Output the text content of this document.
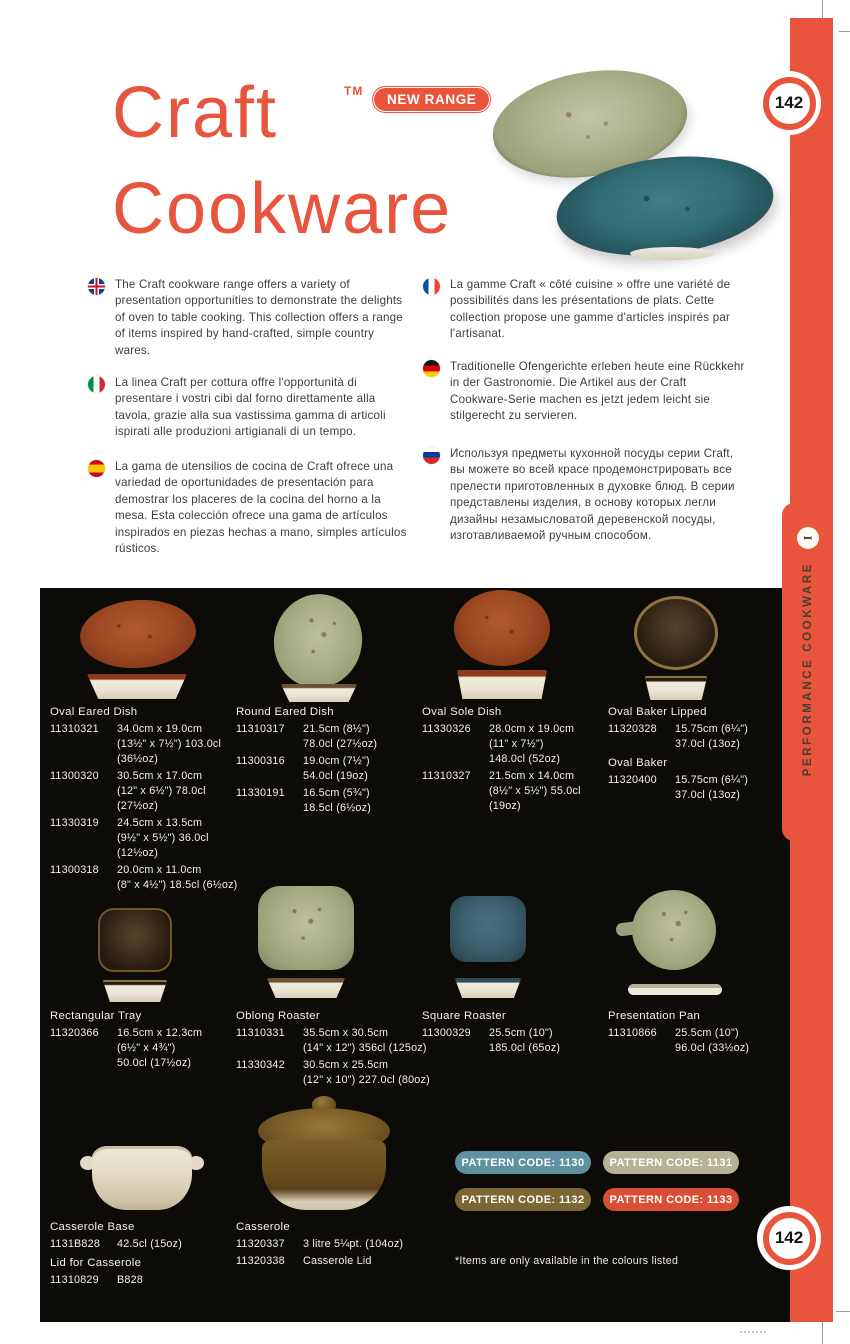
Craft	TM
NEW RANGE
Cookware

The Craft cookware range offers a variety of presentation opportunities to demonstrate the delights of oven to table cooking. This collection offers a range of items inspired by hand-crafted, simple country wares.

La linea Craft per cottura offre l'opportunità di presentare i vostri cibi dal forno direttamente alla tavola, grazie alla sua vastissima gamma di articoli ispirati alle produzioni artigianali di un tempo.

La gama de utensilios de cocina de Craft ofrece una variedad de oportunidades de presentación para demostrar los placeres de la cocina del horno a la mesa. Esta colección ofrece una gama de artículos inspirados en piezas hechas a mano, simples artículos rústicos.

La gamme Craft « côté cuisine » offre une variété de possibilités dans les présentations de plats. Cette collection propose une gamme d'articles inspirés par l'artisanat.

Traditionelle Ofengerichte erleben heute eine Rückkehr in der Gastronomie. Die Artikel aus der Craft Cookware-Serie machen es jetzt jedem leicht sie stilgerecht zu servieren.

Используя предметы кухонной посуды серии Craft, вы можете во всей красе продемонстрировать все прелести приготовленных в духовке блюд. В серии представлены изделия, в основу которых легли дизайны незамысловатой деревенской посуды, изготавливаемой ручным способом.

Oval Eared Dish
11310321	34.0cm x 19.0cm
(13½" x 7½") 103.0cl
(36½oz)
11300320	30.5cm x 17.0cm
(12" x 6½") 78.0cl
(27½oz)
11330319	24.5cm x 13.5cm
(9½" x 5½") 36.0cl
(12½oz)
11300318	20.0cm x 11.0cm
(8" x 4½") 18.5cl (6½oz)
Round Eared Dish
11310317	21.5cm (8½")
78.0cl (27½oz)
11300316	19.0cm (7½")
54.0cl (19oz)
11330191	16.5cm (5¾")
18.5cl (6½oz)
Oval Sole Dish
11330326	28.0cm x 19.0cm
(11" x 7½")
148.0cl (52oz)
11310327	21.5cm x 14.0cm
(8½" x 5½") 55.0cl
(19oz)
Oval Baker Lipped
11320328	15.75cm (6¼")
37.0cl (13oz)
Oval Baker
11320400	15.75cm (6¼")
37.0cl (13oz)
Rectangular Tray
11320366	16.5cm x 12.3cm
(6½" x 4¾")
50.0cl (17½oz)
Oblong Roaster
11310331	35.5cm x 30.5cm
(14" x 12") 356cl (125oz)
11330342	30.5cm x 25.5cm
(12" x 10") 227.0cl (80oz)
Square Roaster
11300329	25.5cm (10")
185.0cl (65oz)
Presentation Pan
11310866	25.5cm (10")
96.0cl (33½oz)
Casserole Base
1131B828	42.5cl (15oz)
Lid for Casserole
11310829	B828
Casserole
11320337	3 litre 5¼pt. (104oz)
11320338	Casserole Lid
PATTERN CODE: 1130	PATTERN CODE: 1131
PATTERN CODE: 1132	PATTERN CODE: 1133
*Items are only available in the colours listed
I
PERFORMANCE COOKWARE
142
142
